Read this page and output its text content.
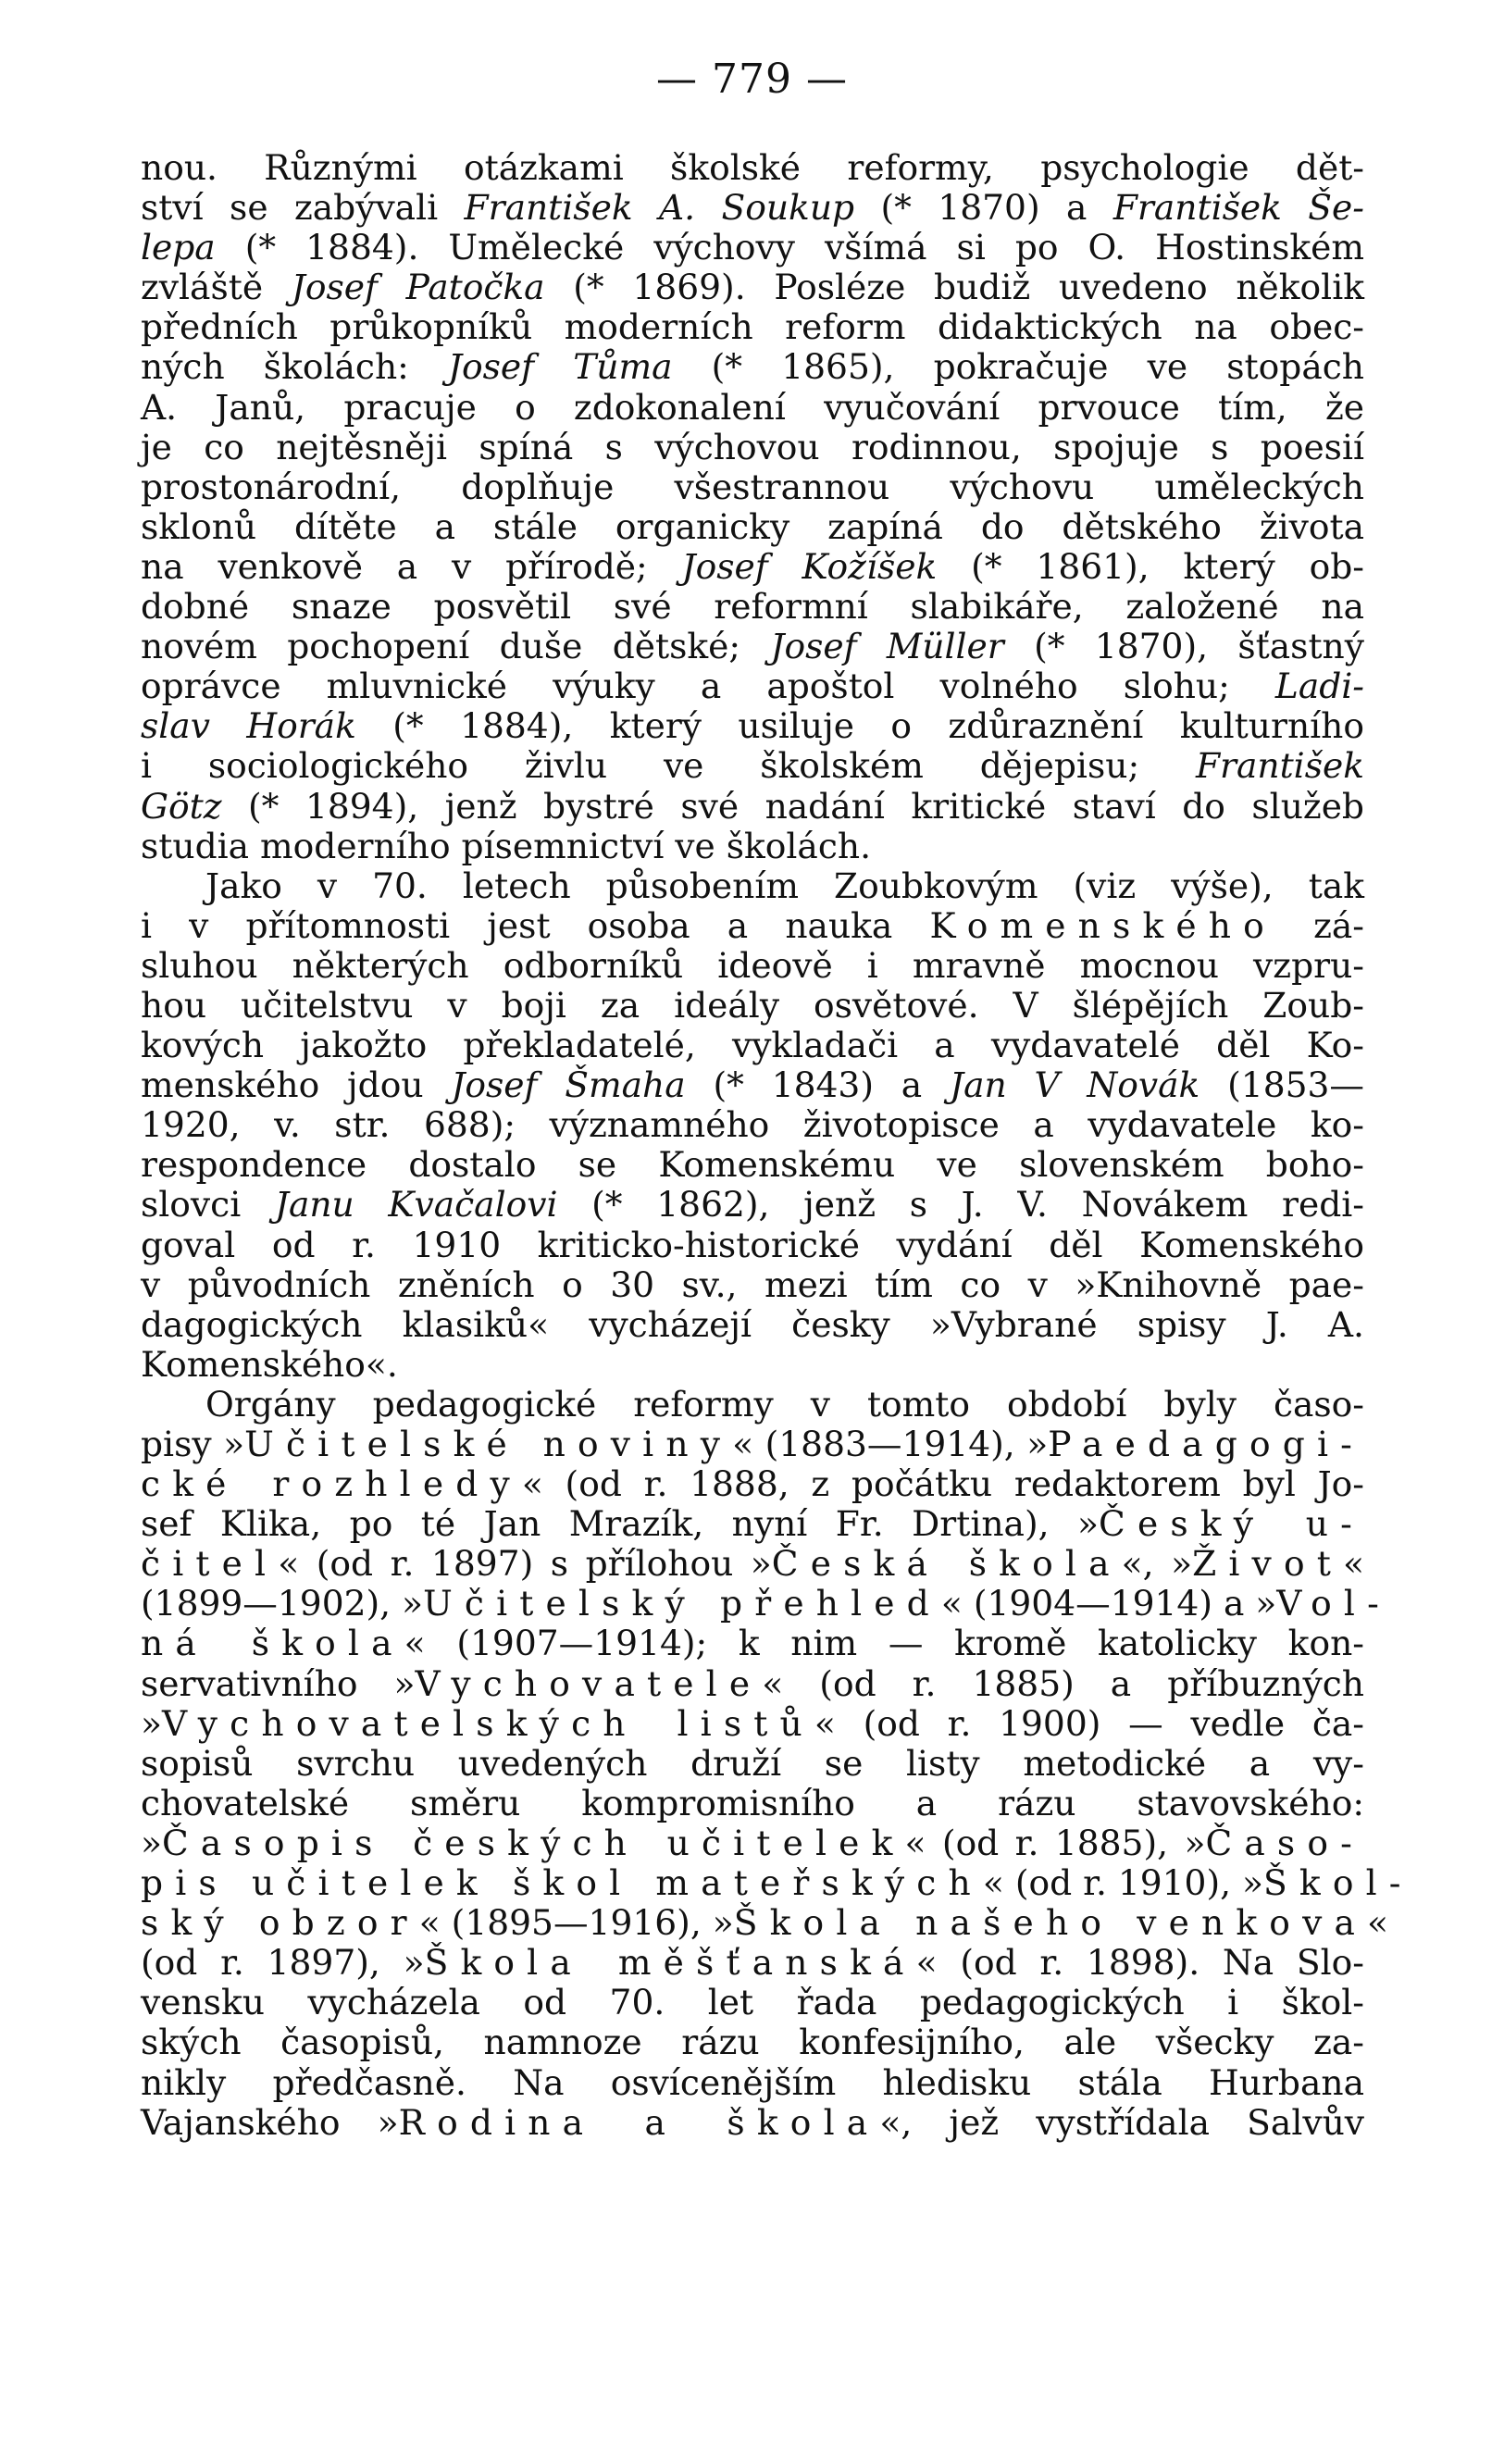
— 779 —
nou. Různými otázkami školské reformy, psychologie dět-
ství se zabývali František A. Soukup (* 1870) a František Še-
lepa (* 1884). Umělecké výchovy všímá si po O. Hostinském
zvláště Josef Patočka (* 1869). Posléze budiž uvedeno několik
předních průkopníků moderních reform didaktických na obec-
ných školách: Josef Tůma (* 1865), pokračuje ve stopách
A. Janů, pracuje o zdokonalení vyučování prvouce tím, že
je co nejtěsněji spíná s výchovou rodinnou, spojuje s poesií
prostonárodní, doplňuje všestrannou výchovu uměleckých
sklonů dítěte a stále organicky zapíná do dětského života
na venkově a v přírodě; Josef Kožíšek (* 1861), který ob-
dobné snaze posvětil své reformní slabikáře, založené na
novém pochopení duše dětské; Josef Müller (* 1870), šťastný
oprávce mluvnické výuky a apoštol volného slohu; Ladi-
slav Horák (* 1884), který usiluje o zdůraznění kulturního
i sociologického živlu ve školském dějepisu; František
Götz (* 1894), jenž bystré své nadání kritické staví do služeb
studia moderního písemnictví ve školách.
Jako v 70. letech působením Zoubkovým (viz výše), tak
i v přítomnosti jest osoba a nauka Komenského zá-
sluhou některých odborníků ideově i mravně mocnou vzpru-
hou učitelstvu v boji za ideály osvětové. V šlépějích Zoub-
kových jakožto překladatelé, vykladači a vydavatelé děl Ko-
menského jdou Josef Šmaha (* 1843) a Jan V Novák (1853—
1920, v. str. 688); významného životopisce a vydavatele ko-
respondence dostalo se Komenskému ve slovenském boho-
slovci Janu Kvačalovi (* 1862), jenž s J. V. Novákem redi-
goval od r. 1910 kriticko-historické vydání děl Komenského
v původních zněních o 30 sv., mezi tím co v »Knihovně pae-
dagogických klasiků« vycházejí česky »Vybrané spisy J. A.
Komenského«.
Orgány pedagogické reformy v tomto období byly časo-
pisy »Učitelské noviny« (1883—1914), »Paedagogi-
cké rozhledy« (od r. 1888, z počátku redaktorem byl Jo-
sef Klika, po té Jan Mrazík, nyní Fr. Drtina), »Český u-
čitel« (od r. 1897) s přílohou »Česká škola«, »Život«
(1899—1902), »Učitelský přehled« (1904—1914) a »Vol-
ná škola« (1907—1914); k nim — kromě katolicky kon-
servativního »Vychovatele« (od r. 1885) a příbuzných
»Vychovatelských listů« (od r. 1900) — vedle ča-
sopisů svrchu uvedených druží se listy metodické a vy-
chovatelské směru kompromisního a rázu stavovského:
»Časopis českých učitelek« (od r. 1885), »Časo-
pis učitelek škol mateřských« (od r. 1910), »Škol-
ský obzor« (1895—1916), »Škola našeho venkova«
(od r. 1897), »Škola měšťanská« (od r. 1898). Na Slo-
vensku vycházela od 70. let řada pedagogických i škol-
ských časopisů, namnoze rázu konfesijního, ale všecky za-
nikly předčasně. Na osvícenějším hledisku stála Hurbana
Vajanského »Rodina a škola«, jež vystřídala Salvův
